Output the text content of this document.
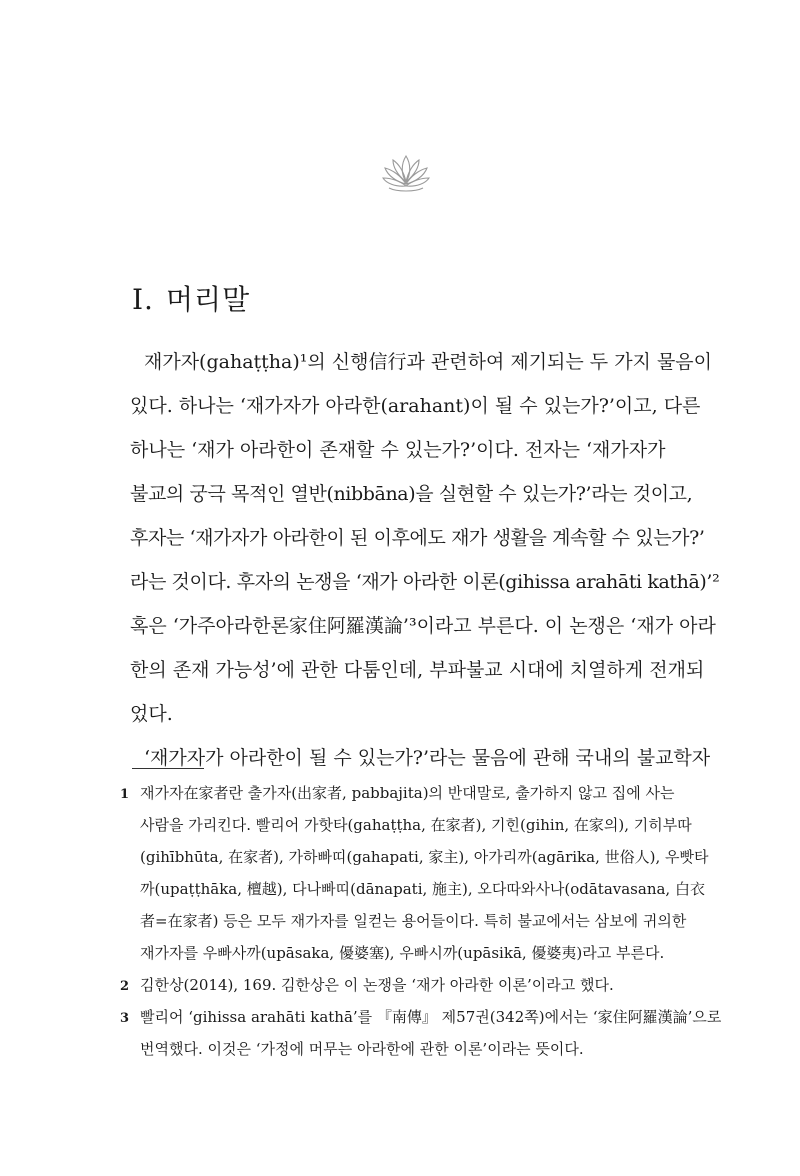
Ⅰ. 머리말
재가자(gahaṭṭha)¹의 신행信行과 관련하여 제기되는 두 가지 물음이
있다. 하나는 ‘재가자가 아라한(arahant)이 될 수 있는가?’이고, 다른
하나는 ‘재가 아라한이 존재할 수 있는가?’이다. 전자는 ‘재가자가
불교의 궁극 목적인 열반(nibbāna)을 실현할 수 있는가?’라는 것이고,
후자는 ‘재가자가 아라한이 된 이후에도 재가 생활을 계속할 수 있는가?’
라는 것이다. 후자의 논쟁을 ‘재가 아라한 이론(gihissa arahāti kathā)’²
혹은 ‘가주아라한론家住阿羅漢論’³이라고 부른다. 이 논쟁은 ‘재가 아라
한의 존재 가능성’에 관한 다툼인데, 부파불교 시대에 치열하게 전개되
었다.
‘재가자가 아라한이 될 수 있는가?’라는 물음에 관해 국내의 불교학자
1 재가자在家者란 출가자(出家者, pabbajita)의 반대말로, 출가하지 않고 집에 사는
사람을 가리킨다. 빨리어 가핫타(gahaṭṭha, 在家者), 기힌(gihin, 在家의), 기히부따
(gihībhūta, 在家者), 가하빠띠(gahapati, 家主), 아가리까(agārika, 世俗人), 우빳타
까(upaṭṭhāka, 檀越), 다나빠띠(dānapati, 施主), 오다따와사나(odātavasana, 白衣
者=在家者) 등은 모두 재가자를 일컫는 용어들이다. 특히 불교에서는 삼보에 귀의한
재가자를 우빠사까(upāsaka, 優婆塞), 우빠시까(upāsikā, 優婆夷)라고 부른다.
2 김한상(2014), 169. 김한상은 이 논쟁을 ‘재가 아라한 이론’이라고 했다.
3 빨리어 ‘gihissa arahāti kathā’를 『南傳』 제57권(342쪽)에서는 ‘家住阿羅漢論’으로
번역했다. 이것은 ‘가정에 머무는 아라한에 관한 이론’이라는 뜻이다.
